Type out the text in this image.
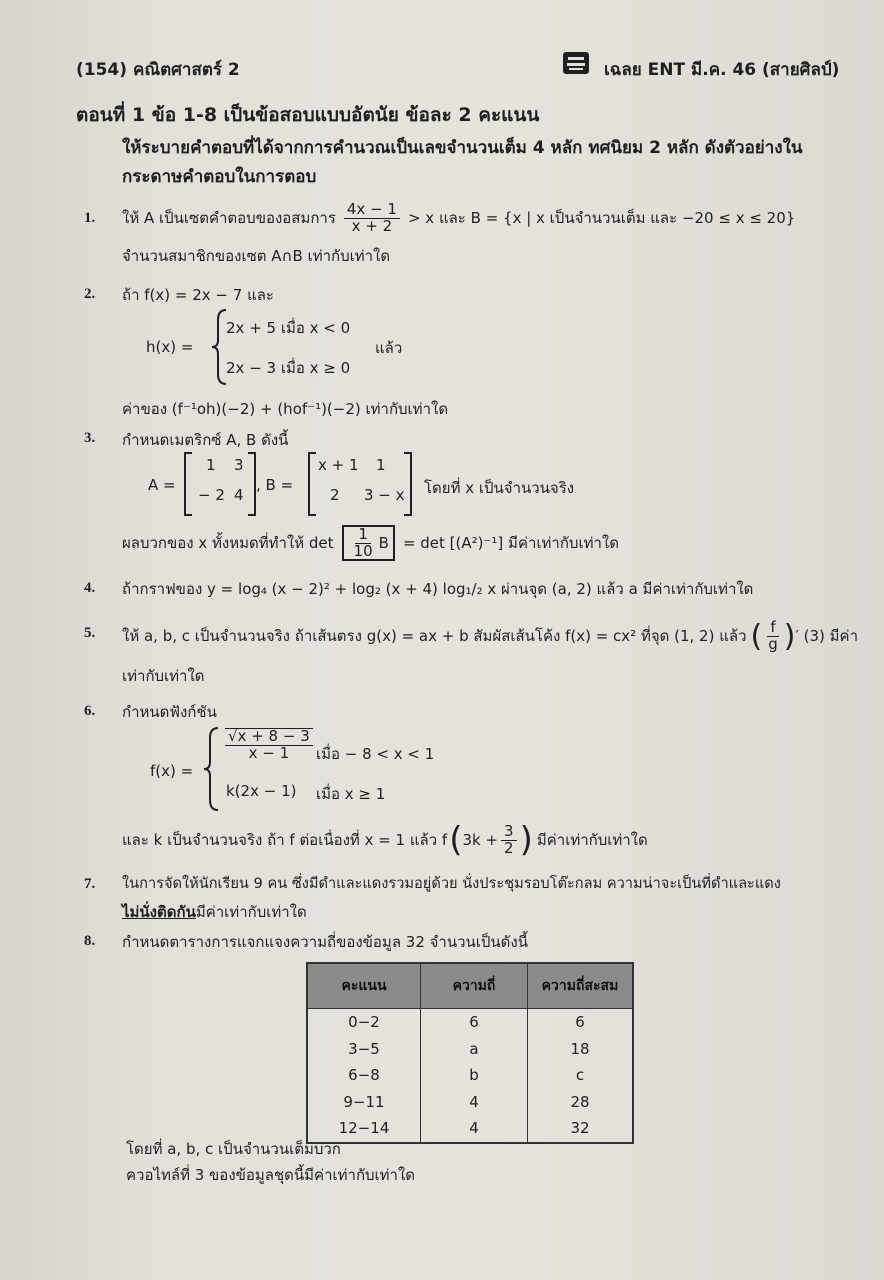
(154) คณิตศาสตร์ 2	เฉลย ENT มี.ค. 46 (สายศิลป์)
ตอนที่ 1 ข้อ 1-8 เป็นข้อสอบแบบอัตนัย ข้อละ 2 คะแนน
ให้ระบายคำตอบที่ได้จากการคำนวณเป็นเลขจำนวนเต็ม 4 หลัก ทศนิยม 2 หลัก ดังตัวอย่างใน
กระดาษคำตอบในการตอบ
1. ให้ A เป็นเซตคำตอบของอสมการ $\frac{4x - 1}{x + 2} > x$ และ B = {x | x เป็นจำนวนเต็ม และ −20 ≤ x ≤ 20}
จำนวนสมาชิกของเซต A∩B เท่ากับเท่าใด
2. ถ้า f(x) = 2x − 7 และ
h(x) =
2x + 5 เมื่อ x < 0
2x − 3 เมื่อ x ≥ 0
แล้ว
ค่าของ (f⁻¹oh)(−2) + (hof⁻¹)(−2) เท่ากับเท่าใด
3. กำหนดเมตริกซ์ A, B ดังนี้
A =
1 3
− 2 4
, B =
x + 1 1
2 3 − x โดยที่ x เป็นจำนวนจริง
ผลบวกของ x ทั้งหมดที่ทำให้ $\det \frac{1}{10}$ B = det [(A²)⁻¹] มีค่าเท่ากับเท่าใด
4. ถ้ากราฟของ y = log₄ (x − 2)² + log₂ (x + 4) log₁/₂ x ผ่านจุด (a, 2) แล้ว a มีค่าเท่ากับเท่าใด
5. ให้ a, b, c เป็นจำนวนจริง ถ้าเส้นตรง g(x) = ax + b สัมผัสเส้นโค้ง f(x) = cx² ที่จุด (1, 2) แล้ว ( $\frac{f}{g}$ ) ′ (3) มีค่า
เท่ากับเท่าใด
6. กำหนดฟังก์ชัน
f(x) =
$\frac{√x + 8 - 3}{x - 1}$ เมื่อ − 8 < x < 1
k(2x − 1) เมื่อ x ≥ 1
และ k เป็นจำนวนจริง ถ้า f ต่อเนื่องที่ x = 1 แล้ว f ( $3k + \frac{3}{2}$ ) มีค่าเท่ากับเท่าใด
7. ในการจัดให้นักเรียน 9 คน ซึ่งมีดำและแดงรวมอยู่ด้วย นั่งประชุมรอบโต๊ะกลม ความน่าจะเป็นที่ดำและแดง
ไม่นั่งติดกันมีค่าเท่ากับเท่าใด
8. กำหนดตารางการแจกแจงความถี่ของข้อมูล 32 จำนวนเป็นดังนี้
คะแนน	ความถี่	ความถี่สะสม
0−2	6	6
3−5	a	18
6−8	b	c
9−11	4	28
12−14	4	32
โดยที่ a, b, c เป็นจำนวนเต็มบวก
ควอไทล์ที่ 3 ของข้อมูลชุดนี้มีค่าเท่ากับเท่าใด
